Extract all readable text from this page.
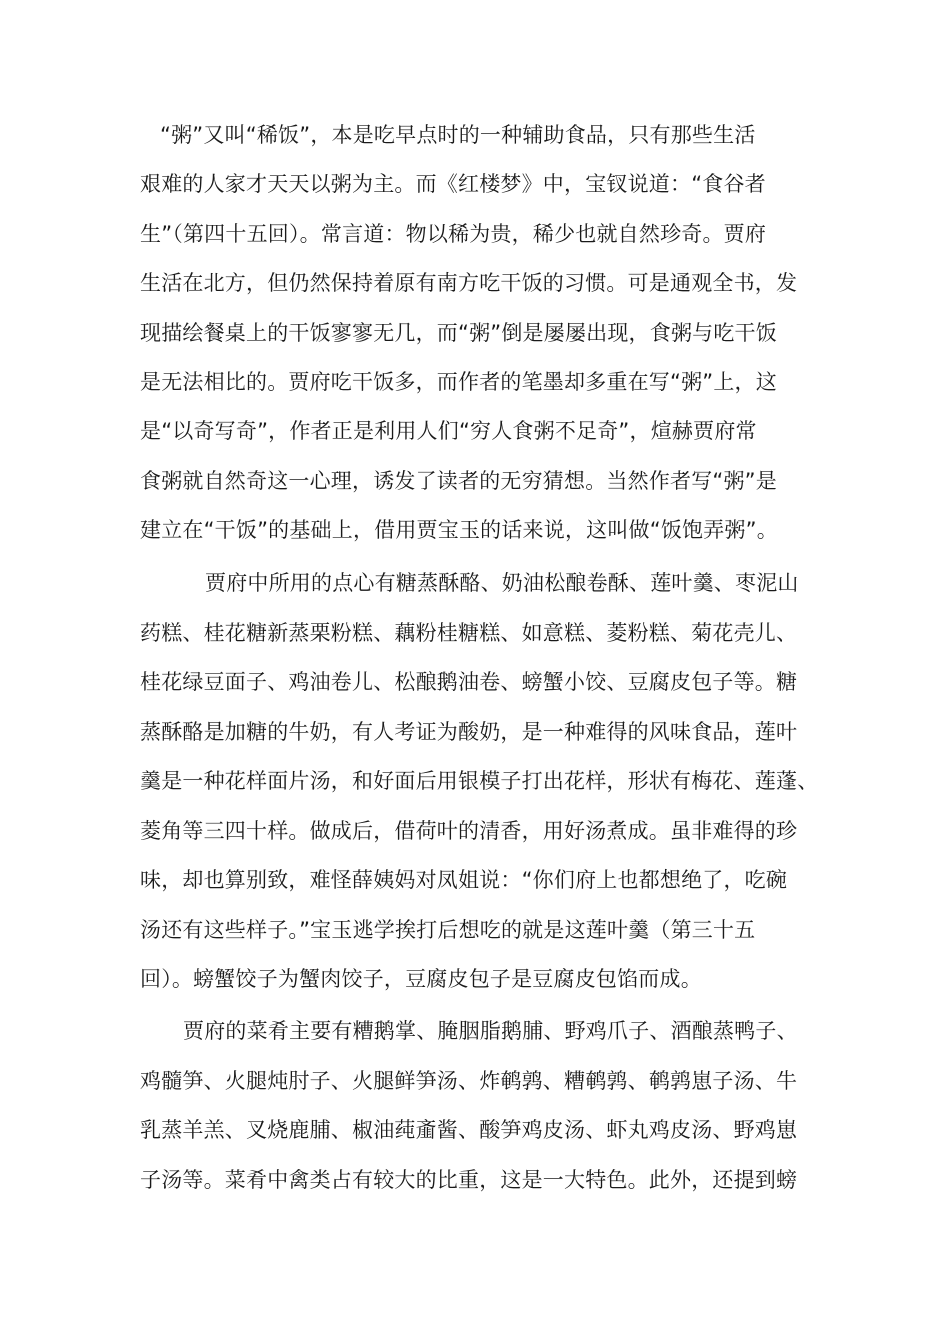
“粥”又叫“稀饭”，本是吃早点时的一种辅助食品，只有那些生活
艰难的人家才天天以粥为主。而《红楼梦》中，宝钗说道：“食谷者
生”（第四十五回）。常言道：物以稀为贵，稀少也就自然珍奇。贾府
生活在北方，但仍然保持着原有南方吃干饭的习惯。可是通观全书，发
现描绘餐桌上的干饭寥寥无几，而“粥”倒是屡屡出现，食粥与吃干饭
是无法相比的。贾府吃干饭多，而作者的笔墨却多重在写“粥”上，这
是“以奇写奇”，作者正是利用人们“穷人食粥不足奇”，煊赫贾府常
食粥就自然奇这一心理，诱发了读者的无穷猜想。当然作者写“粥”是
建立在“干饭”的基础上，借用贾宝玉的话来说，这叫做“饭饱弄粥”。
贾府中所用的点心有糖蒸酥酪、奶油松酿卷酥、莲叶羹、枣泥山
药糕、桂花糖新蒸栗粉糕、藕粉桂糖糕、如意糕、菱粉糕、菊花壳儿、
桂花绿豆面子、鸡油卷儿、松酿鹅油卷、螃蟹小饺、豆腐皮包子等。糖
蒸酥酪是加糖的牛奶，有人考证为酸奶，是一种难得的风味食品，莲叶
羹是一种花样面片汤，和好面后用银模子打出花样，形状有梅花、莲蓬、
菱角等三四十样。做成后，借荷叶的清香，用好汤煮成。虽非难得的珍
味，却也算别致，难怪薛姨妈对凤姐说：“你们府上也都想绝了，吃碗
汤还有这些样子。”宝玉逃学挨打后想吃的就是这莲叶羹（第三十五
回）。螃蟹饺子为蟹肉饺子，豆腐皮包子是豆腐皮包馅而成。
贾府的菜肴主要有糟鹅掌、腌胭脂鹅脯、野鸡爪子、酒酿蒸鸭子、
鸡髓笋、火腿炖肘子、火腿鲜笋汤、炸鹌鹑、糟鹌鹑、鹌鹑崽子汤、牛
乳蒸羊羔、叉烧鹿脯、椒油莼齑酱、酸笋鸡皮汤、虾丸鸡皮汤、野鸡崽
子汤等。菜肴中禽类占有较大的比重，这是一大特色。此外，还提到螃
